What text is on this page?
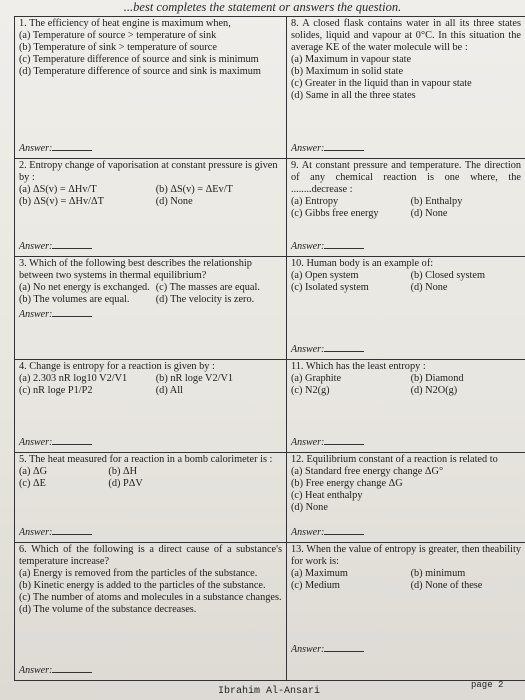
...best completes the statement or answers the question.
1. The efficiency of heat engine is maximum when,
(a) Temperature of source > temperature of sink
(b) Temperature of sink > temperature of source
(c) Temperature difference of source and sink is minimum
(d) Temperature difference of source and sink is maximum
Answer:
8. A closed flask contains water in all its three states solides, liquid and vapour at 0°C. In this situation the average KE of the water molecule will be :
(a) Maximum in vapour state
(b) Maximum in solid state
(c) Greater in the liquid than in vapour state
(d) Same in all the three states
Answer:
2. Entropy change of vaporisation at constant pressure is given by :
(a) ΔS(v) = ΔHv/T	(b) ΔS(v) = ΔEv/T
(b) ΔS(v) = ΔHv/ΔT	(d) None
Answer:
9. At constant pressure and temperature. The direction of any chemical reaction is one where, the ........decrease :
(a) Entropy	(b) Enthalpy
(c) Gibbs free energy	(d) None
Answer:
3. Which of the following best describes the relationship between two systems in thermal equilibrium?
(a) No net energy is exchanged. (c) The masses are equal.
(b) The volumes are equal.	(d) The velocity is zero.
Answer:
10. Human body is an example of:
(a) Open system	(b) Closed system
(c) Isolated system	(d) None
Answer:
4. Change is entropy for a reaction is given by :
(a) 2.303 nR log10 V2/V1	(b) nR loge V2/V1
(c) nR loge P1/P2	(d) All
Answer:
11. Which has the least entropy :
(a) Graphite	(b) Diamond
(c) N2(g)	(d) N2O(g)
Answer:
5. The heat measured for a reaction in a bomb calorimeter is :
(a) ΔG	(b) ΔH
(c) ΔE	(d) PΔV
Answer:
12. Equilibrium constant of a reaction is related to
(a) Standard free energy change ΔG°
(b) Free energy change ΔG
(c) Heat enthalpy
(d) None
Answer:
6. Which of the following is a direct cause of a substance's temperature increase?
(a) Energy is removed from the particles of the substance.
(b) Kinetic energy is added to the particles of the substance.
(c) The number of atoms and molecules in a substance changes.
(d) The volume of the substance decreases.
Answer:
13. When the value of entropy is greater, then theability for work is:
(a) Maximum	(b) minimum
(c) Medium	(d) None of these
Answer:
Ibrahim Al-Ansari
page 2
